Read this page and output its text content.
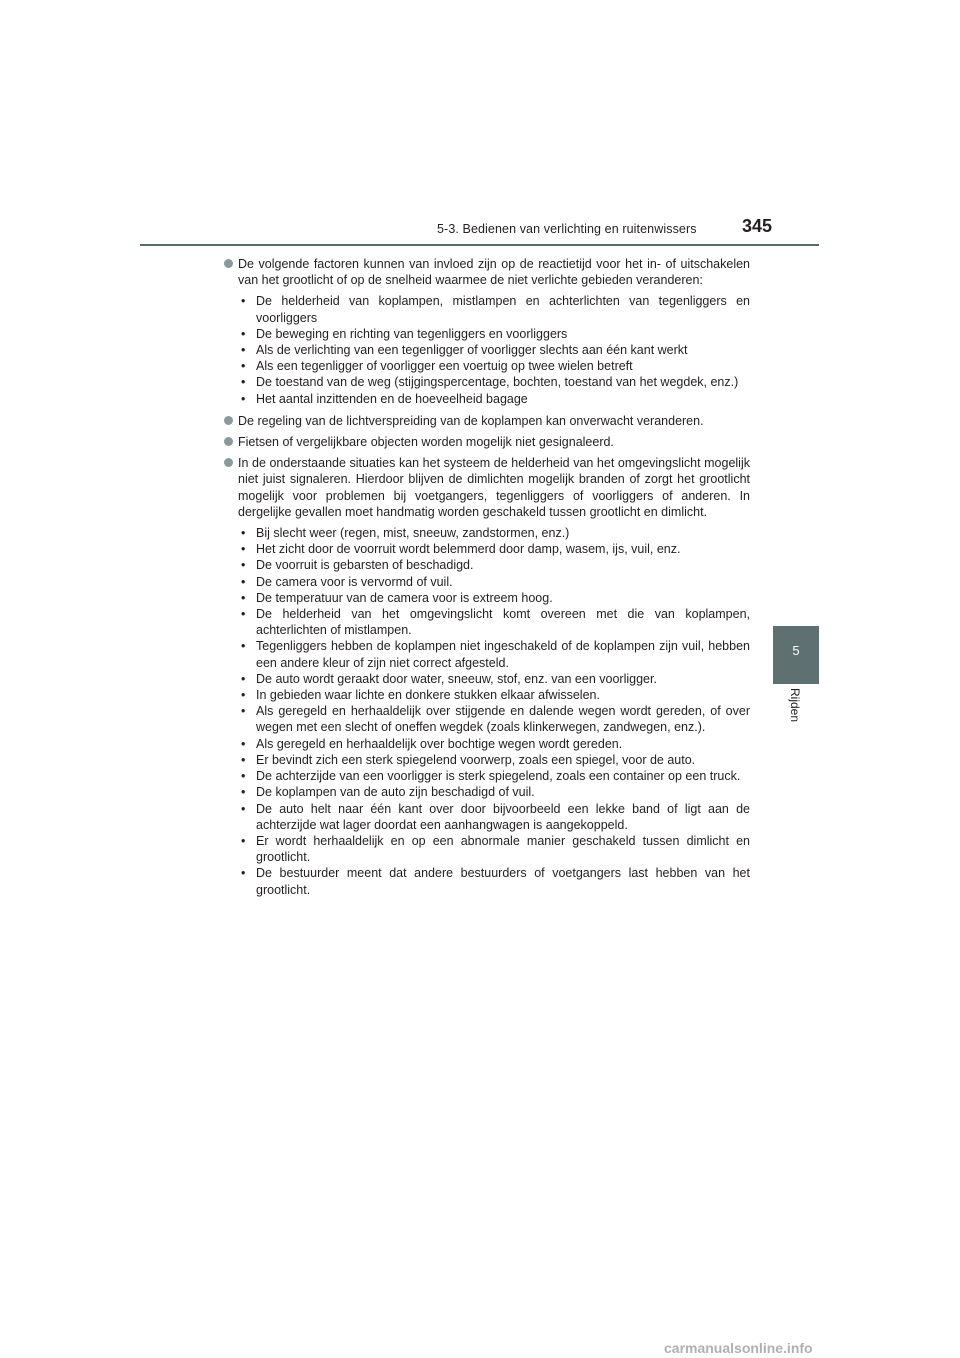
5-3. Bedienen van verlichting en ruitenwissers	345
5
Rijden
De volgende factoren kunnen van invloed zijn op de reactietijd voor het in- of uitschakelen van het grootlicht of op de snelheid waarmee de niet verlichte gebieden veranderen:
• De helderheid van koplampen, mistlampen en achterlichten van tegenliggers en voorliggers
• De beweging en richting van tegenliggers en voorliggers
• Als de verlichting van een tegenligger of voorligger slechts aan één kant werkt
• Als een tegenligger of voorligger een voertuig op twee wielen betreft
• De toestand van de weg (stijgingspercentage, bochten, toestand van het wegdek, enz.)
• Het aantal inzittenden en de hoeveelheid bagage
De regeling van de lichtverspreiding van de koplampen kan onverwacht veranderen.
Fietsen of vergelijkbare objecten worden mogelijk niet gesignaleerd.
In de onderstaande situaties kan het systeem de helderheid van het omgevingslicht mogelijk niet juist signaleren. Hierdoor blijven de dimlichten mogelijk branden of zorgt het grootlicht mogelijk voor problemen bij voetgangers, tegenliggers of voorliggers of anderen. In dergelijke gevallen moet handmatig worden geschakeld tussen grootlicht en dimlicht.
• Bij slecht weer (regen, mist, sneeuw, zandstormen, enz.)
• Het zicht door de voorruit wordt belemmerd door damp, wasem, ijs, vuil, enz.
• De voorruit is gebarsten of beschadigd.
• De camera voor is vervormd of vuil.
• De temperatuur van de camera voor is extreem hoog.
• De helderheid van het omgevingslicht komt overeen met die van koplampen, achterlichten of mistlampen.
• Tegenliggers hebben de koplampen niet ingeschakeld of de koplampen zijn vuil, hebben een andere kleur of zijn niet correct afgesteld.
• De auto wordt geraakt door water, sneeuw, stof, enz. van een voorligger.
• In gebieden waar lichte en donkere stukken elkaar afwisselen.
• Als geregeld en herhaaldelijk over stijgende en dalende wegen wordt gereden, of over wegen met een slecht of oneffen wegdek (zoals klinkerwegen, zandwegen, enz.).
• Als geregeld en herhaaldelijk over bochtige wegen wordt gereden.
• Er bevindt zich een sterk spiegelend voorwerp, zoals een spiegel, voor de auto.
• De achterzijde van een voorligger is sterk spiegelend, zoals een container op een truck.
• De koplampen van de auto zijn beschadigd of vuil.
• De auto helt naar één kant over door bijvoorbeeld een lekke band of ligt aan de achterzijde wat lager doordat een aanhangwagen is aangekoppeld.
• Er wordt herhaaldelijk en op een abnormale manier geschakeld tussen dimlicht en grootlicht.
• De bestuurder meent dat andere bestuurders of voetgangers last hebben van het grootlicht.
carmanualsonline.info
